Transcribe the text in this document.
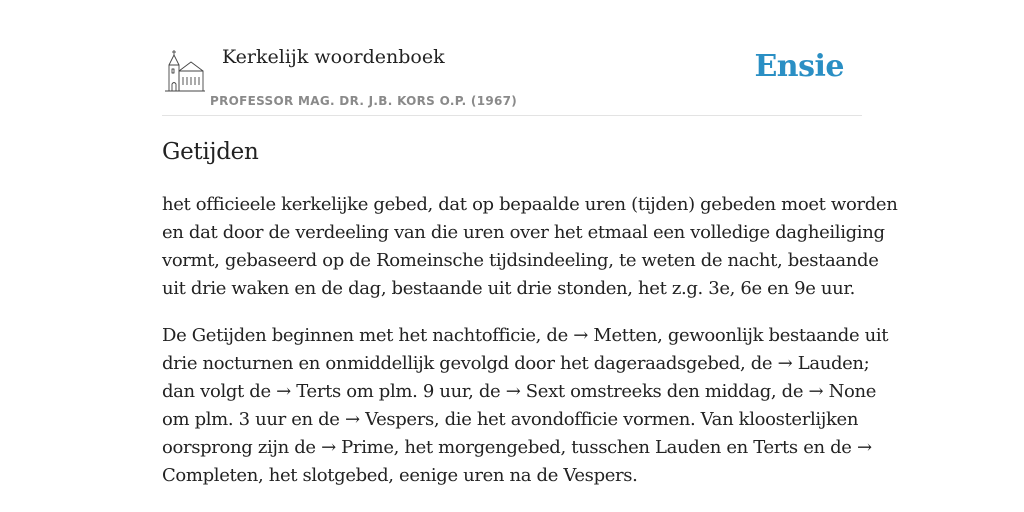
Kerkelijk woordenboek
PROFESSOR MAG. DR. J.B. KORS O.P. (1967)
Ensie
Getijden

het officieele kerkelijke gebed, dat op bepaalde uren (tijden) gebeden moet worden
en dat door de verdeeling van die uren over het etmaal een volledige dagheiliging
vormt, gebaseerd op de Romeinsche tijdsindeeling, te weten de nacht, bestaande
uit drie waken en de dag, bestaande uit drie stonden, het z.g. 3e, 6e en 9e uur.

De Getijden beginnen met het nachtofficie, de → Metten, gewoonlijk bestaande uit
drie nocturnen en onmiddellijk gevolgd door het dageraadsgebed, de → Lauden;
dan volgt de → Terts om plm. 9 uur, de → Sext omstreeks den middag, de → None
om plm. 3 uur en de → Vespers, die het avondofficie vormen. Van kloosterlijken
oorsprong zijn de → Prime, het morgengebed, tusschen Lauden en Terts en de →
Completen, het slotgebed, eenige uren na de Vespers.
